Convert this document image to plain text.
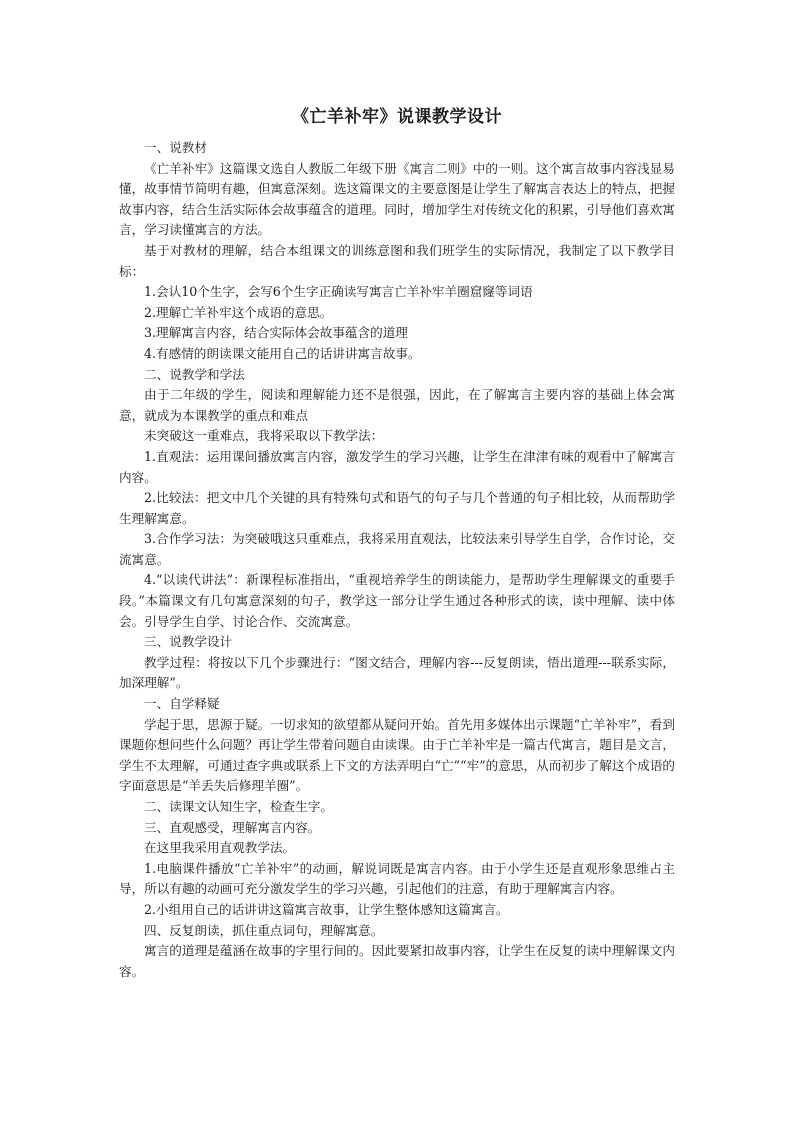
《亡羊补牢》说课教学设计

一、说教材

《亡羊补牢》这篇课文选自人教版二年级下册《寓言二则》中的一则。这个寓言故事内容浅显易懂，故事情节简明有趣，但寓意深刻。选这篇课文的主要意图是让学生了解寓言表达上的特点，把握故事内容，结合生活实际体会故事蕴含的道理。同时，增加学生对传统文化的积累，引导他们喜欢寓言，学习读懂寓言的方法。

基于对教材的理解，结合本组课文的训练意图和我们班学生的实际情况，我制定了以下教学目标：

1.会认10个生字，会写6个生字正确读写寓言亡羊补牢羊圈窟窿等词语

2.理解亡羊补牢这个成语的意思。

3.理解寓言内容，结合实际体会故事蕴含的道理

4.有感情的朗读课文能用自己的话讲讲寓言故事。

二、说教学和学法

由于二年级的学生，阅读和理解能力还不是很强，因此，在了解寓言主要内容的基础上体会寓意，就成为本课教学的重点和难点

未突破这一重难点，我将采取以下教学法：

1.直观法：运用课间播放寓言内容，激发学生的学习兴趣，让学生在津津有味的观看中了解寓言内容。

2.比较法：把文中几个关键的具有特殊句式和语气的句子与几个普通的句子相比较，从而帮助学生理解寓意。

3.合作学习法：为突破哦这只重难点，我将采用直观法，比较法来引导学生自学，合作讨论，交流寓意。

4.“以读代讲法”：新课程标准指出，“重视培养学生的朗读能力，是帮助学生理解课文的重要手段。”本篇课文有几句寓意深刻的句子，教学这一部分让学生通过各种形式的读，读中理解、读中体会。引导学生自学、讨论合作、交流寓意。

三、说教学设计

教学过程：将按以下几个步骤进行：“图文结合，理解内容---反复朗读，悟出道理---联系实际，加深理解”。

一、自学释疑

学起于思，思源于疑。一切求知的欲望都从疑问开始。首先用多媒体出示课题“亡羊补牢”，看到课题你想问些什么问题？再让学生带着问题自由读课。由于亡羊补牢是一篇古代寓言，题目是文言，学生不太理解，可通过查字典或联系上下文的方法弄明白“亡”“牢”的意思，从而初步了解这个成语的字面意思是“羊丢失后修理羊圈”。

二、读课文认知生字，检查生字。

三、直观感受，理解寓言内容。

在这里我采用直观教学法。

1.电脑课件播放“亡羊补牢”的动画，解说词既是寓言内容。由于小学生还是直观形象思维占主导，所以有趣的动画可充分激发学生的学习兴趣，引起他们的注意，有助于理解寓言内容。

2.小组用自己的话讲讲这篇寓言故事，让学生整体感知这篇寓言。

四、反复朗读，抓住重点词句，理解寓意。

寓言的道理是蕴涵在故事的字里行间的。因此要紧扣故事内容，让学生在反复的读中理解课文内容。
